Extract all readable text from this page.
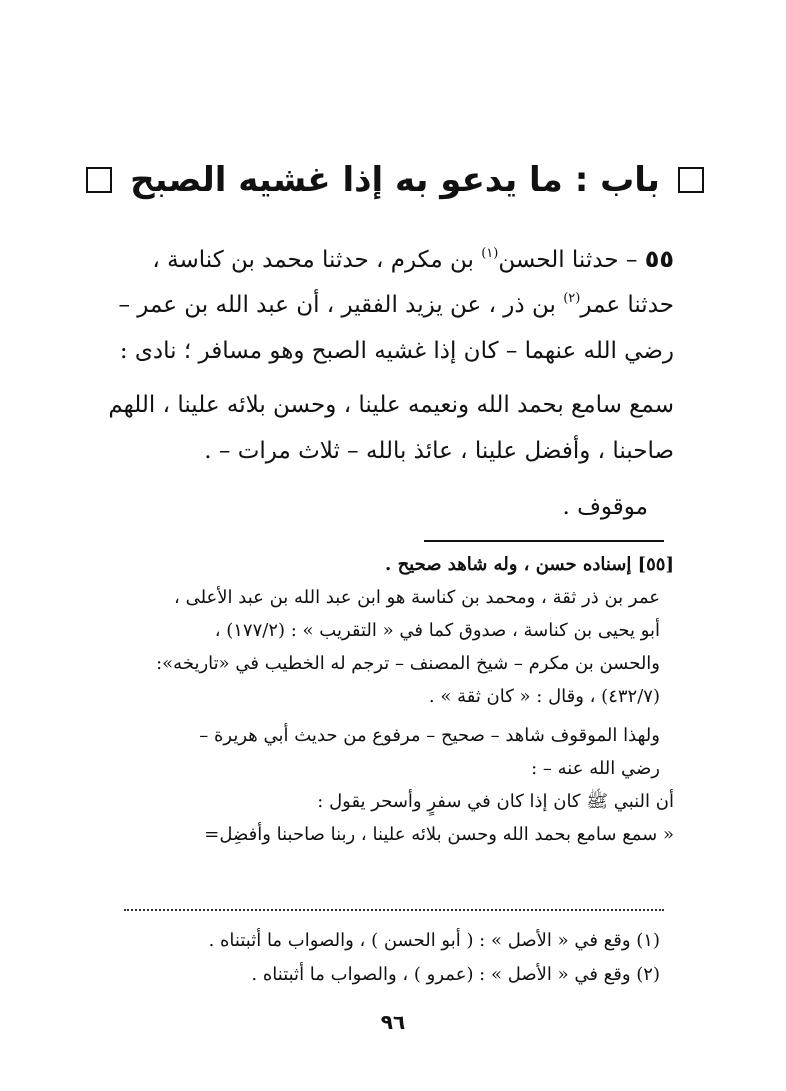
باب : ما يدعو به إذا غشيه الصبح
٥٥ – حدثنا الحسن$^{(١)}$ بن مكرم ، حدثنا محمد بن كناسة ،
حدثنا عمر$^{(٢)}$ بن ذر ، عن يزيد الفقير ، أن عبد الله بن عمر –
رضي الله عنهما – كان إذا غشيه الصبح وهو مسافر ؛ نادى :
سمع سامع بحمد الله ونعيمه علينا ، وحسن بلائه علينا ، اللهم
صاحبنا ، وأفضل علينا ، عائذ بالله – ثلاث مرات – .
موقوف .
[٥٥] إسناده حسن ، وله شاهد صحيح .
عمر بن ذر ثقة ، ومحمد بن كناسة هو ابن عبد الله بن عبد الأعلى ،
أبو يحيى بن كناسة ، صدوق كما في « التقريب » : (١٧٧/٢) ،
والحسن بن مكرم – شيخ المصنف – ترجم له الخطيب في «تاريخه»:
(٤٣٢/٧) ، وقال : « كان ثقة » .
ولهذا الموقوف شاهد – صحيح – مرفوع من حديث أبي هريرة –
رضي الله عنه – :
أن النبي ﷺ كان إذا كان في سفرٍ وأسحر يقول :
« سمع سامع بحمد الله وحسن بلائه علينا ، ربنا صاحبنا وأفضِل=
(١) وقع في « الأصل » : ( أبو الحسن ) ، والصواب ما أثبتناه .
(٢) وقع في « الأصل » : (عمرو ) ، والصواب ما أثبتناه .
٩٦
